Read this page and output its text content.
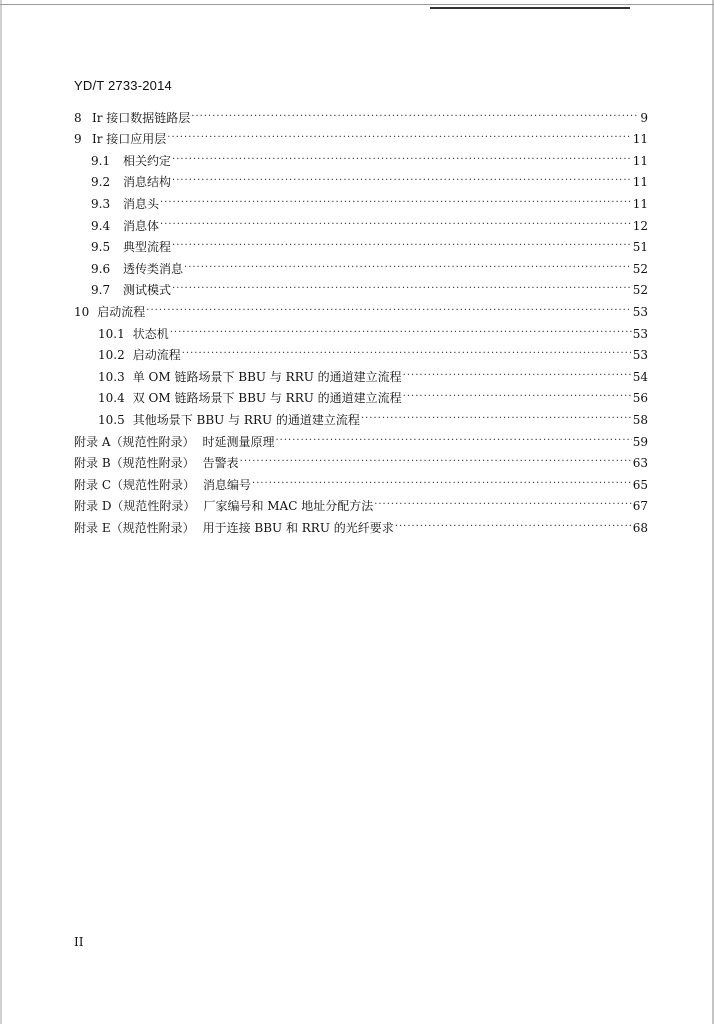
YD/T 2733-2014
8 Ir 接口数据链路层 ·····	9
9 Ir 接口应用层 ·····	11
9.1	相关约定 ·····	11
9.2	消息结构 ·····	11
9.3	消息头 ·····	11
9.4	消息体 ·····	12
9.5	典型流程 ·····	51
9.6	透传类消息 ·····	52
9.7	测试模式 ·····	52
10 启动流程 ·····	53
10.1 状态机 ·····	53
10.2 启动流程 ·····	53
10.3 单 OM 链路场景下 BBU 与 RRU 的通道建立流程 ·····	54
10.4 双 OM 链路场景下 BBU 与 RRU 的通道建立流程 ·····	56
10.5 其他场景下 BBU 与 RRU 的通道建立流程 ·····	58
附录 A（规范性附录） 时延测量原理 ·····	59
附录 B（规范性附录） 告警表 ·····	63
附录 C（规范性附录） 消息编号 ·····	65
附录 D（规范性附录） 厂家编号和 MAC 地址分配方法 ·····	67
附录 E（规范性附录） 用于连接 BBU 和 RRU 的光纤要求 ·····	68
II
